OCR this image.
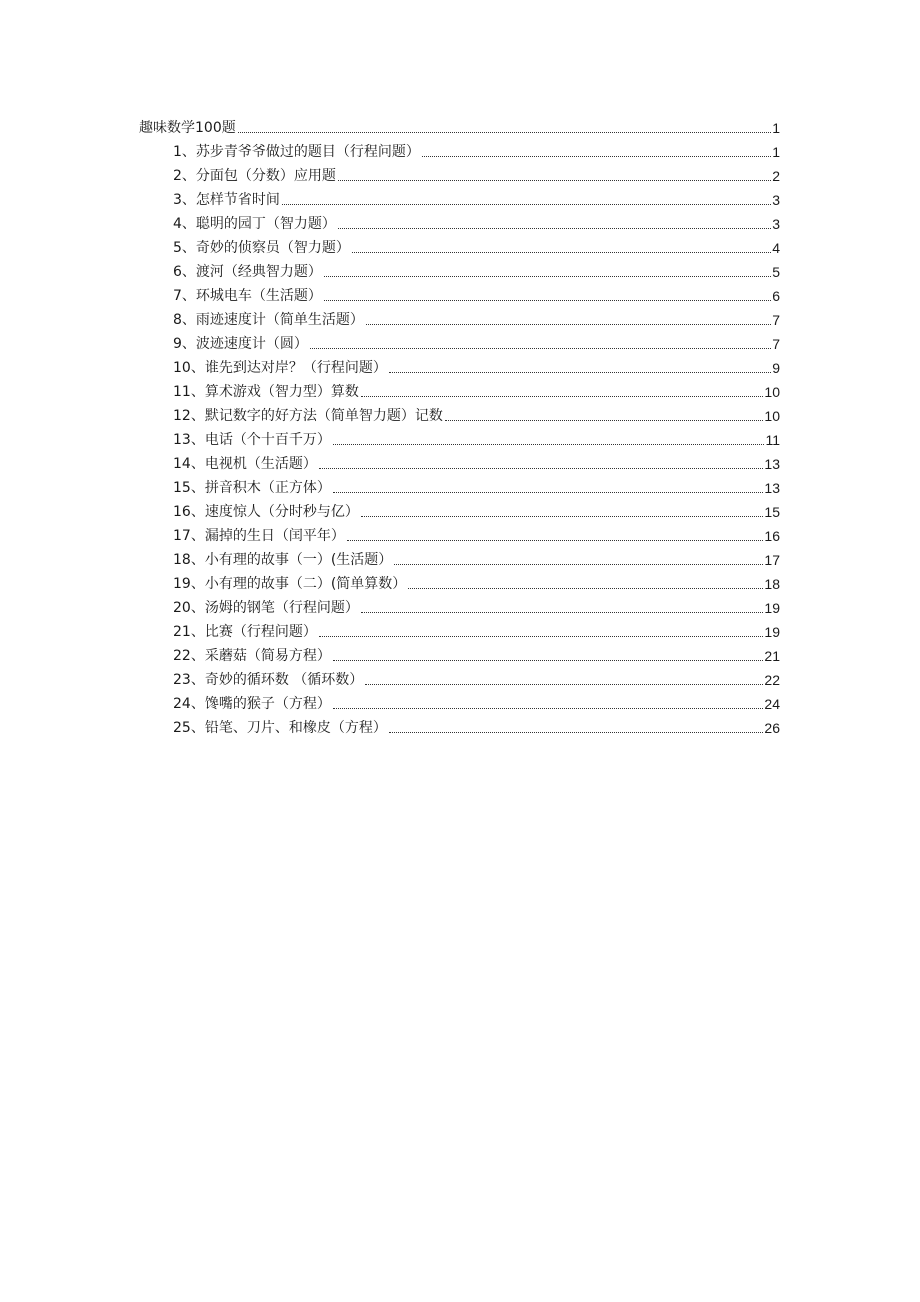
趣味数学100题	1
1、苏步青爷爷做过的题目（行程问题）	1
2、分面包（分数）应用题	2
3、怎样节省时间	3
4、聪明的园丁（智力题）	3
5、奇妙的侦察员（智力题）	4
6、渡河（经典智力题）	5
7、环城电车（生活题）	6
8、雨迹速度计（简单生活题）	7
9、波迹速度计（圆）	7
10、谁先到达对岸？（行程问题）	9
11、算术游戏（智力型）算数	10
12、默记数字的好方法（简单智力题）记数	10
13、电话（个十百千万）	11
14、电视机（生活题）	13
15、拼音积木（正方体）	13
16、速度惊人（分时秒与亿）	15
17、漏掉的生日（闰平年）	16
18、小有理的故事（一）(生活题）	17
19、小有理的故事（二）(简单算数）	18
20、汤姆的钢笔（行程问题）	19
21、比赛（行程问题）	19
22、采蘑菇（简易方程）	21
23、奇妙的循环数 （循环数）	22
24、馋嘴的猴子（方程）	24
25、铅笔、刀片、和橡皮（方程）	26
